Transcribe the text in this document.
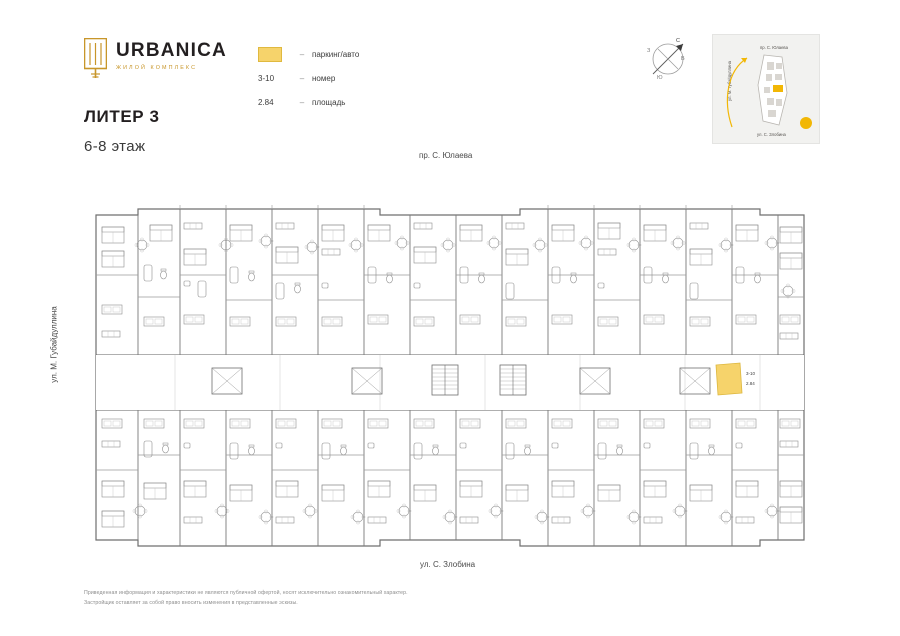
URBANICA
ЖИЛОЙ КОМПЛЕКС
ЛИТЕР 3
6-8 этаж
– паркинг/авто
3-10	– номер
2.84	– площадь
С
В
Ю
З
пр. С. Юлаева
ул. М. Губайдуллина
ул. С. Злобина
пр. С. Юлаева
ул. С. Злобина
ул. М. Губайдуллина	3-10
2.84
Приведенная информация и характеристики не являются публичной офертой, носят исключительно ознакомительный характер.
Застройщик оставляет за собой право вносить изменения в представленные эскизы.
